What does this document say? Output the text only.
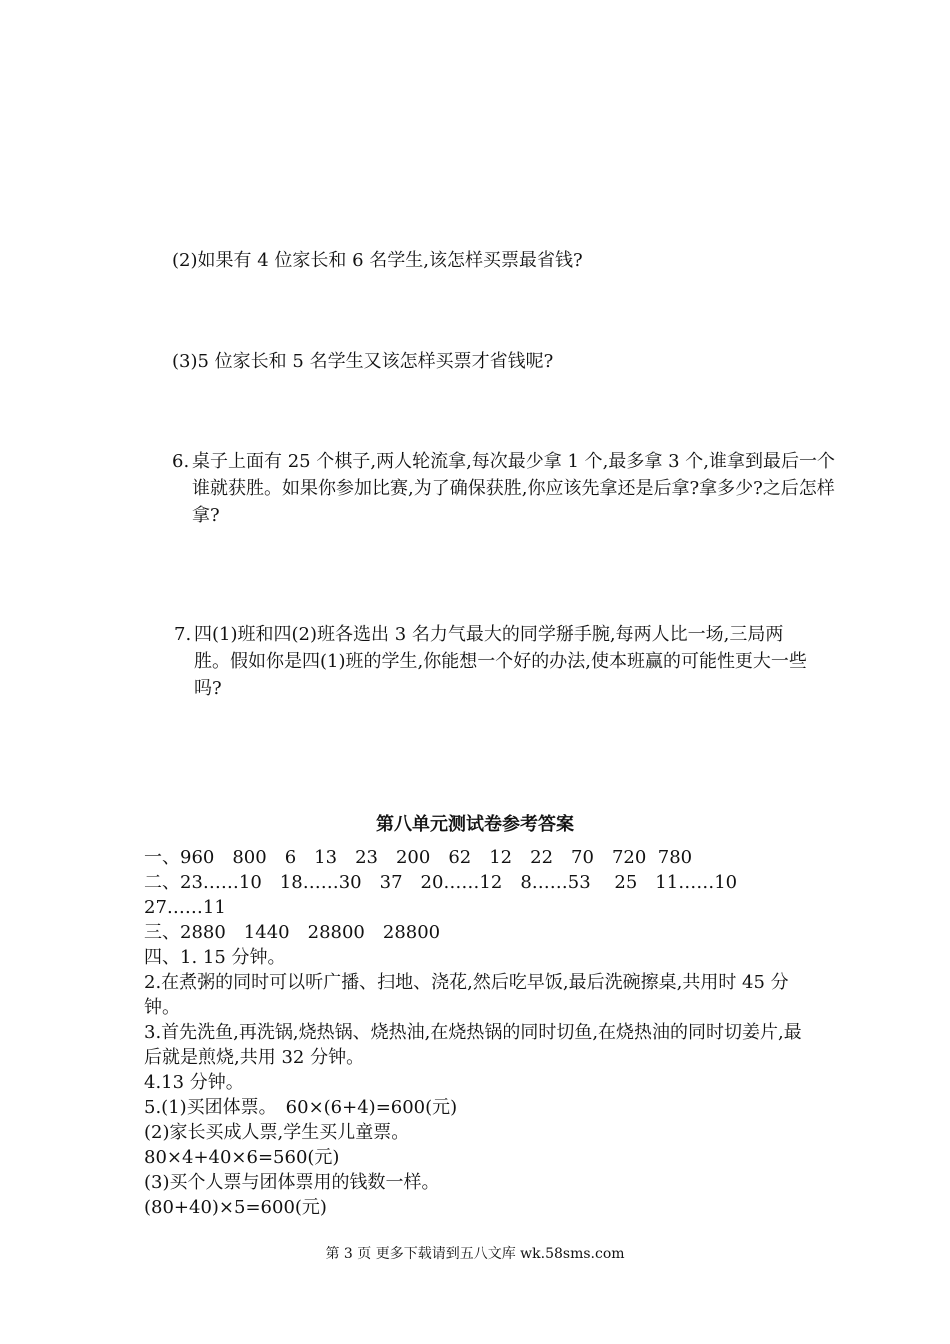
(2)如果有 4 位家长和 6 名学生,该怎样买票最省钱?
(3)5 位家长和 5 名学生又该怎样买票才省钱呢?
6. 桌子上面有 25 个棋子,两人轮流拿,每次最少拿 1 个,最多拿 3 个,谁拿到最后一个谁就获胜。如果你参加比赛,为了确保获胜,你应该先拿还是后拿?拿多少?之后怎样拿?
7. 四(1)班和四(2)班各选出 3 名力气最大的同学掰手腕,每两人比一场,三局两胜。假如你是四(1)班的学生,你能想一个好的办法,使本班赢的可能性更大一些吗?
第八单元测试卷参考答案
一、960　800　6　13　23　200　62　12　22　70　720  780
二、23……10　18……30　37　20……12　8……53　 25　11……10
27……11
三、2880　1440　28800　28800
四、1. 15 分钟。
2.在煮粥的同时可以听广播、扫地、浇花,然后吃早饭,最后洗碗擦桌,共用时 45 分钟。
3.首先洗鱼,再洗锅,烧热锅、烧热油,在烧热锅的同时切鱼,在烧热油的同时切姜片,最后就是煎烧,共用 32 分钟。
4.13 分钟。
5.(1)买团体票。　60×(6+4)=600(元)
(2)家长买成人票,学生买儿童票。
80×4+40×6=560(元)
(3)买个人票与团体票用的钱数一样。
(80+40)×5=600(元)
第 3 页 更多下载请到五八文库 wk.58sms.com
